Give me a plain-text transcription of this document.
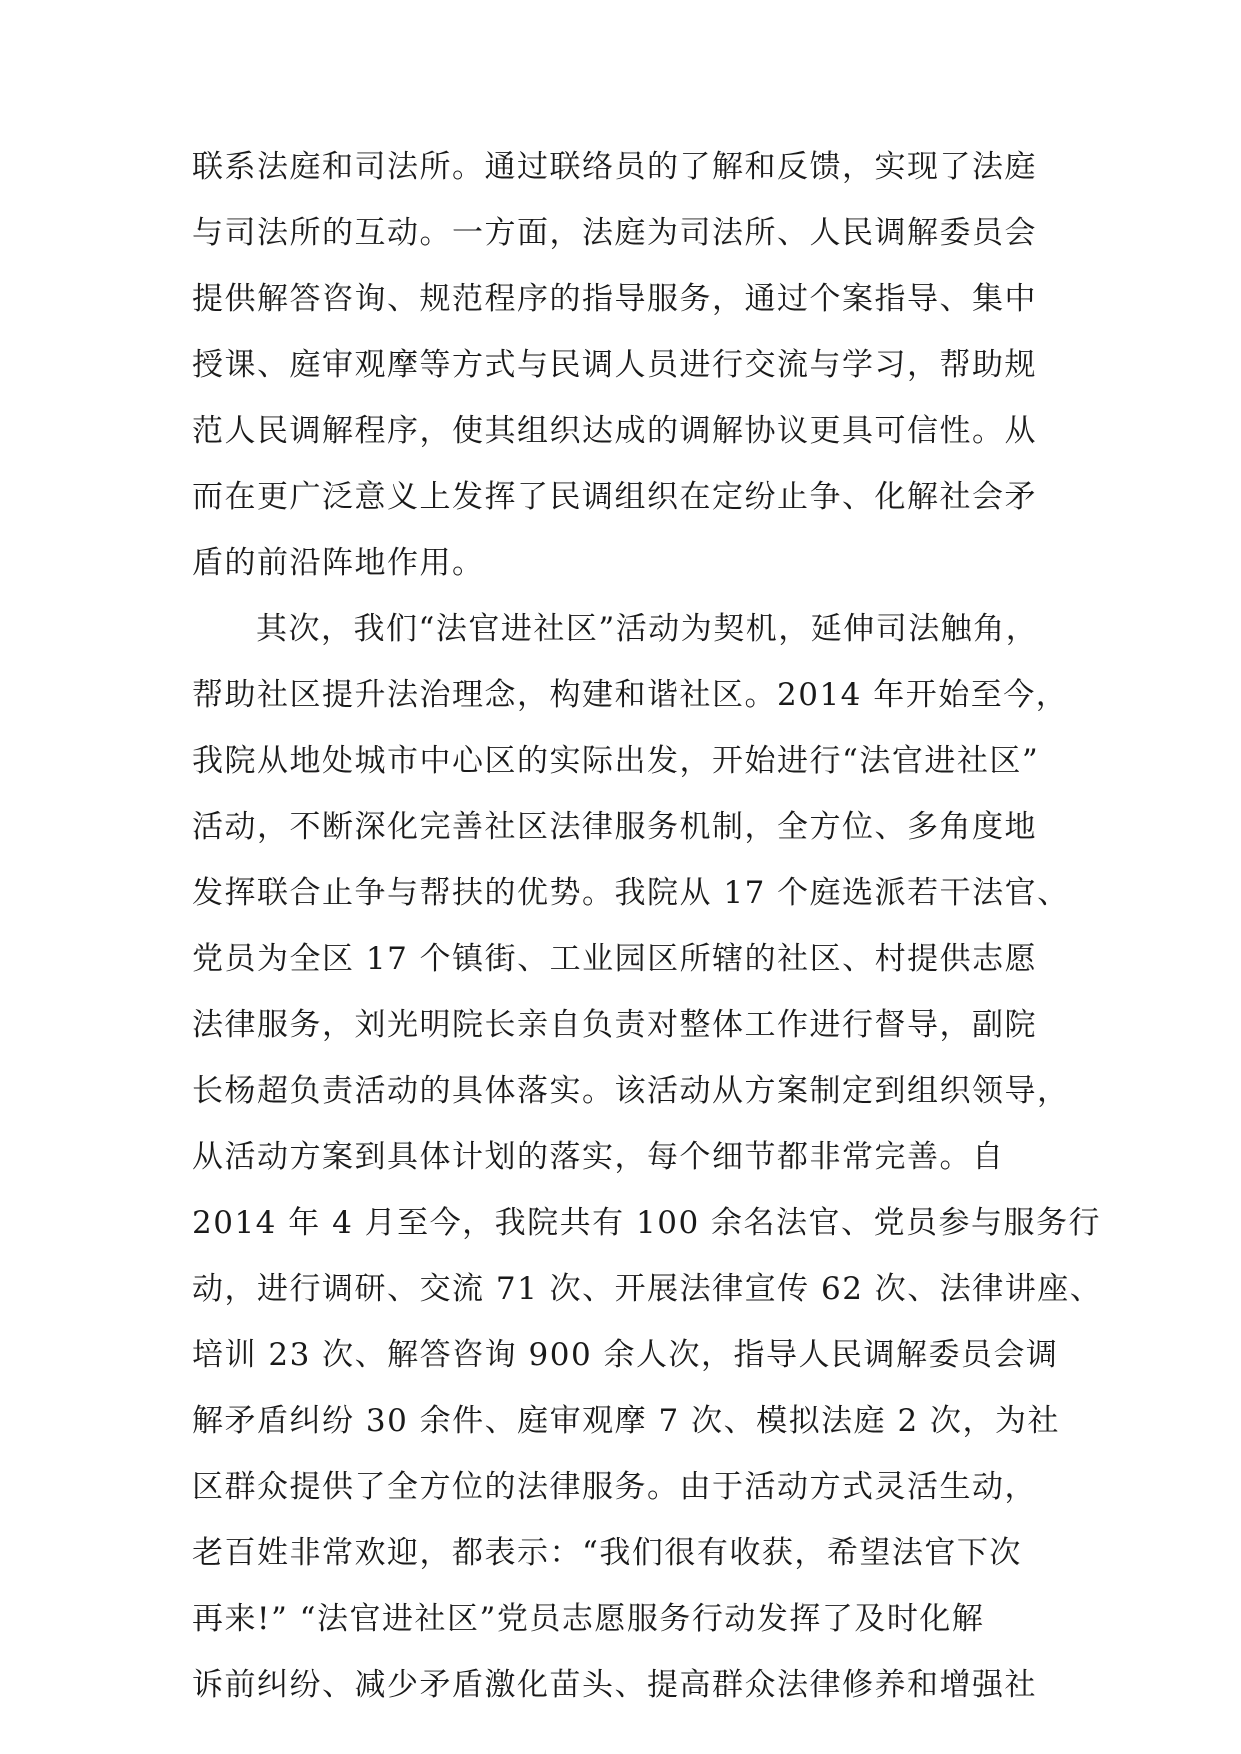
联系法庭和司法所。通过联络员的了解和反馈，实现了法庭
与司法所的互动。一方面，法庭为司法所、人民调解委员会
提供解答咨询、规范程序的指导服务，通过个案指导、集中
授课、庭审观摩等方式与民调人员进行交流与学习，帮助规
范人民调解程序，使其组织达成的调解协议更具可信性。从
而在更广泛意义上发挥了民调组织在定纷止争、化解社会矛
盾的前沿阵地作用。
其次，我们“法官进社区”活动为契机，延伸司法触角，
帮助社区提升法治理念，构建和谐社区。2014 年开始至今，
我院从地处城市中心区的实际出发，开始进行“法官进社区”
活动，不断深化完善社区法律服务机制，全方位、多角度地
发挥联合止争与帮扶的优势。我院从 17 个庭选派若干法官、
党员为全区 17 个镇街、工业园区所辖的社区、村提供志愿
法律服务，刘光明院长亲自负责对整体工作进行督导，副院
长杨超负责活动的具体落实。该活动从方案制定到组织领导，
从活动方案到具体计划的落实，每个细节都非常完善。自
2014 年 4 月至今，我院共有 100 余名法官、党员参与服务行
动，进行调研、交流 71 次、开展法律宣传 62 次、法律讲座、
培训 23 次、解答咨询 900 余人次，指导人民调解委员会调
解矛盾纠纷 30 余件、庭审观摩 7 次、模拟法庭 2 次，为社
区群众提供了全方位的法律服务。由于活动方式灵活生动，
老百姓非常欢迎，都表示：“我们很有收获，希望法官下次
再来!” “法官进社区”党员志愿服务行动发挥了及时化解
诉前纠纷、减少矛盾激化苗头、提高群众法律修养和增强社
